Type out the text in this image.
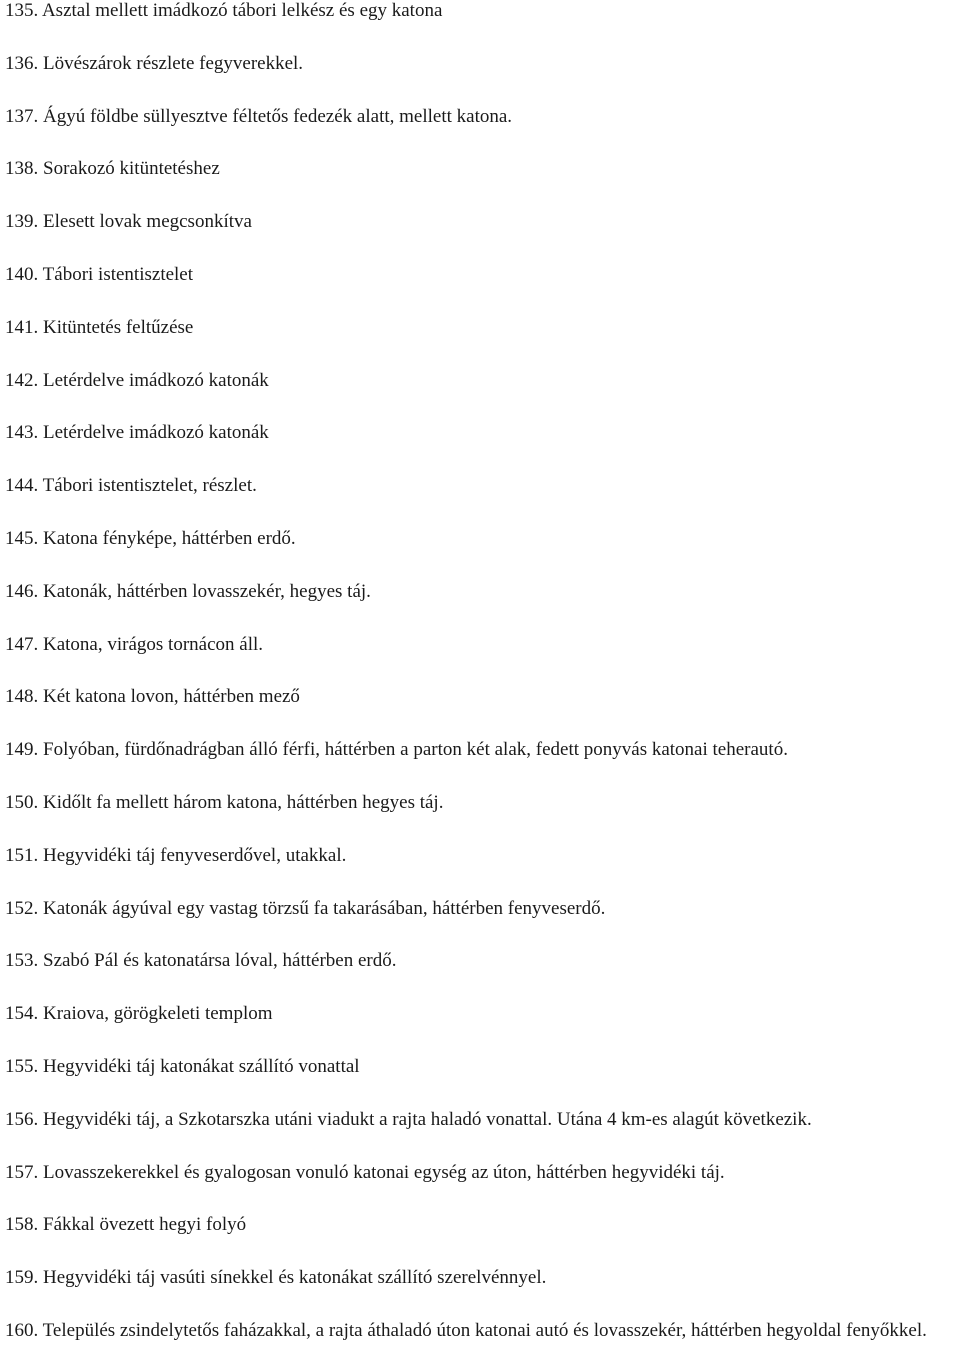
135. Asztal mellett imádkozó tábori lelkész és egy katona
136. Lövészárok részlete fegyverekkel.
137. Ágyú földbe süllyesztve féltetős fedezék alatt, mellett katona.
138. Sorakozó kitüntetéshez
139. Elesett lovak megcsonkítva
140. Tábori istentisztelet
141. Kitüntetés feltűzése
142. Letérdelve imádkozó katonák
143. Letérdelve imádkozó katonák
144. Tábori istentisztelet, részlet.
145. Katona fényképe, háttérben erdő.
146. Katonák, háttérben lovasszekér, hegyes táj.
147. Katona, virágos tornácon áll.
148. Két katona lovon, háttérben mező
149. Folyóban, fürdőnadrágban álló férfi, háttérben a parton két alak, fedett ponyvás katonai teherautó.
150. Kidőlt fa mellett három katona, háttérben hegyes táj.
151. Hegyvidéki táj fenyveserdővel, utakkal.
152. Katonák ágyúval egy vastag törzsű fa takarásában, háttérben fenyveserdő.
153. Szabó Pál és katonatársa lóval, háttérben erdő.
154. Kraiova, görögkeleti templom
155. Hegyvidéki táj katonákat szállító vonattal
156. Hegyvidéki táj, a Szkotarszka utáni viadukt a rajta haladó vonattal. Utána 4 km-es alagút következik.
157. Lovasszekerekkel és gyalogosan vonuló katonai egység az úton, háttérben hegyvidéki táj.
158. Fákkal övezett hegyi folyó
159. Hegyvidéki táj vasúti sínekkel és katonákat szállító szerelvénnyel.
160. Település zsindelytetős faházakkal, a rajta áthaladó úton katonai autó és lovasszekér, háttérben hegyoldal fenyőkkel.
